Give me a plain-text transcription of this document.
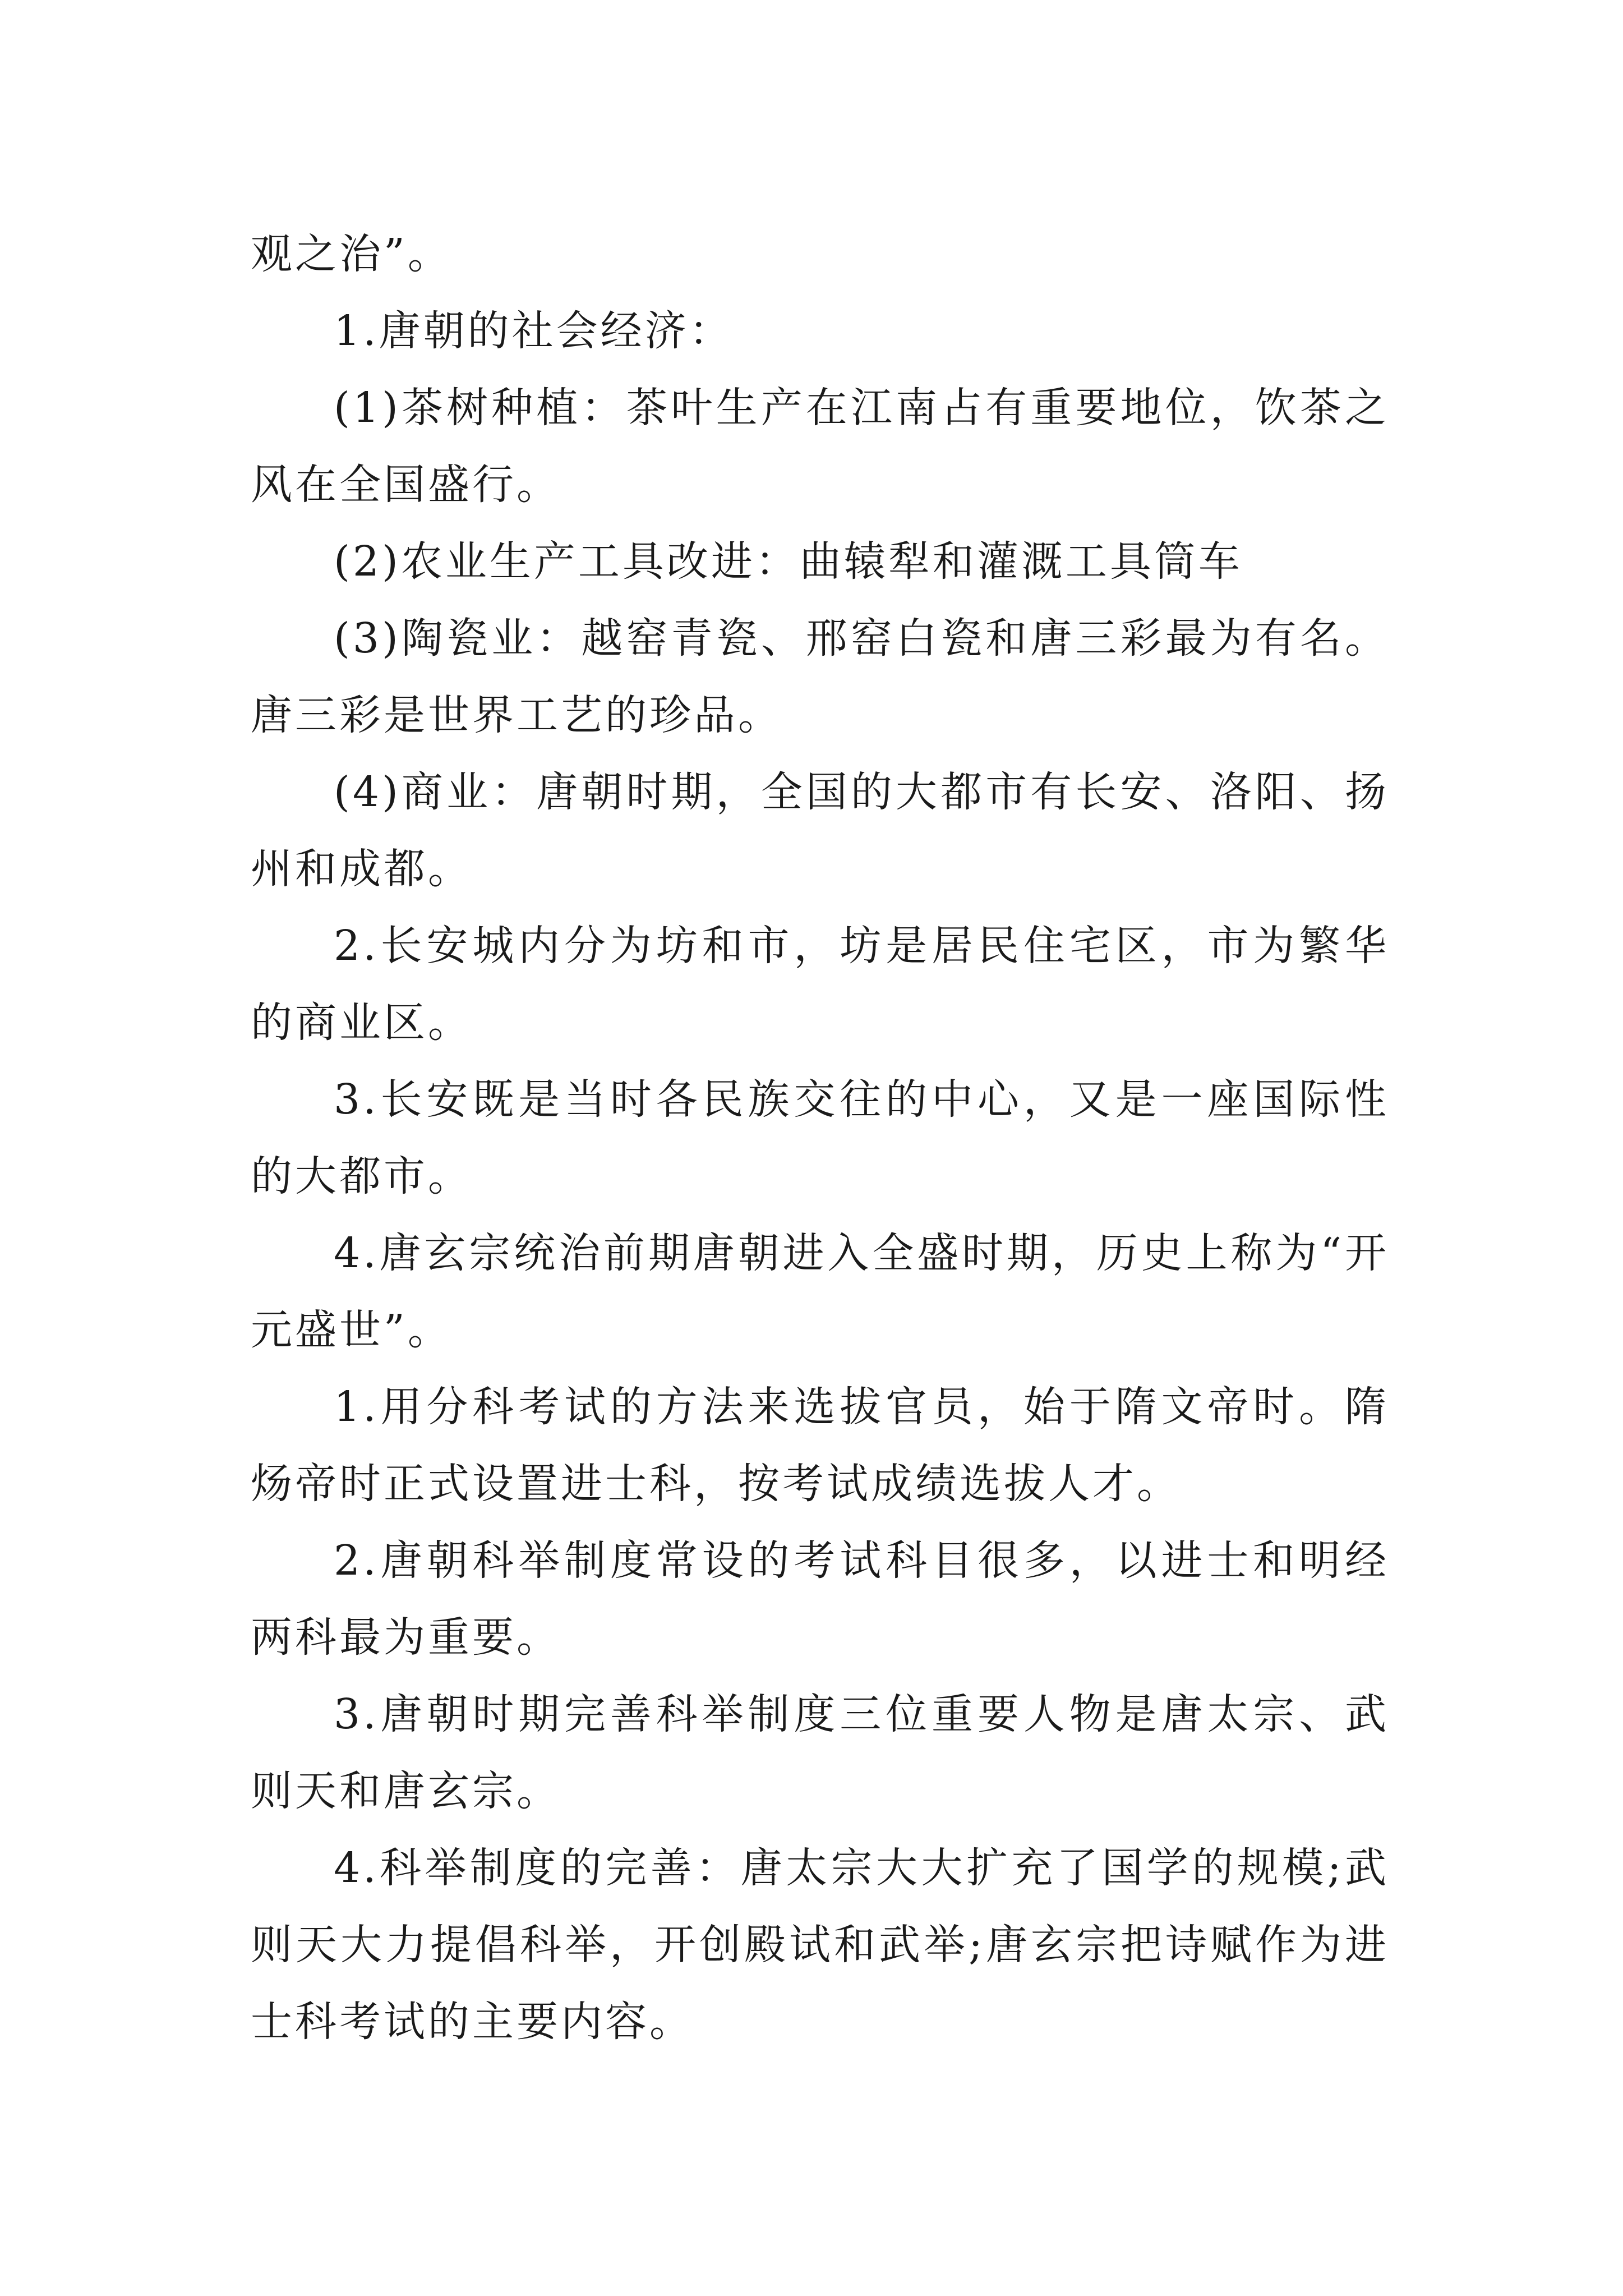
观之治”。

1.唐朝的社会经济：

(1)茶树种植：茶叶生产在江南占有重要地位，饮茶之风在全国盛行。

(2)农业生产工具改进：曲辕犁和灌溉工具筒车

(3)陶瓷业：越窑青瓷、邢窑白瓷和唐三彩最为有名。唐三彩是世界工艺的珍品。

(4)商业：唐朝时期，全国的大都市有长安、洛阳、扬州和成都。

2.长安城内分为坊和市，坊是居民住宅区，市为繁华的商业区。

3.长安既是当时各民族交往的中心，又是一座国际性的大都市。

4.唐玄宗统治前期唐朝进入全盛时期，历史上称为“开元盛世”。

1.用分科考试的方法来选拔官员，始于隋文帝时。隋炀帝时正式设置进士科，按考试成绩选拔人才。

2.唐朝科举制度常设的考试科目很多，以进士和明经两科最为重要。

3.唐朝时期完善科举制度三位重要人物是唐太宗、武则天和唐玄宗。

4.科举制度的完善：唐太宗大大扩充了国学的规模;武则天大力提倡科举，开创殿试和武举;唐玄宗把诗赋作为进士科考试的主要内容。
